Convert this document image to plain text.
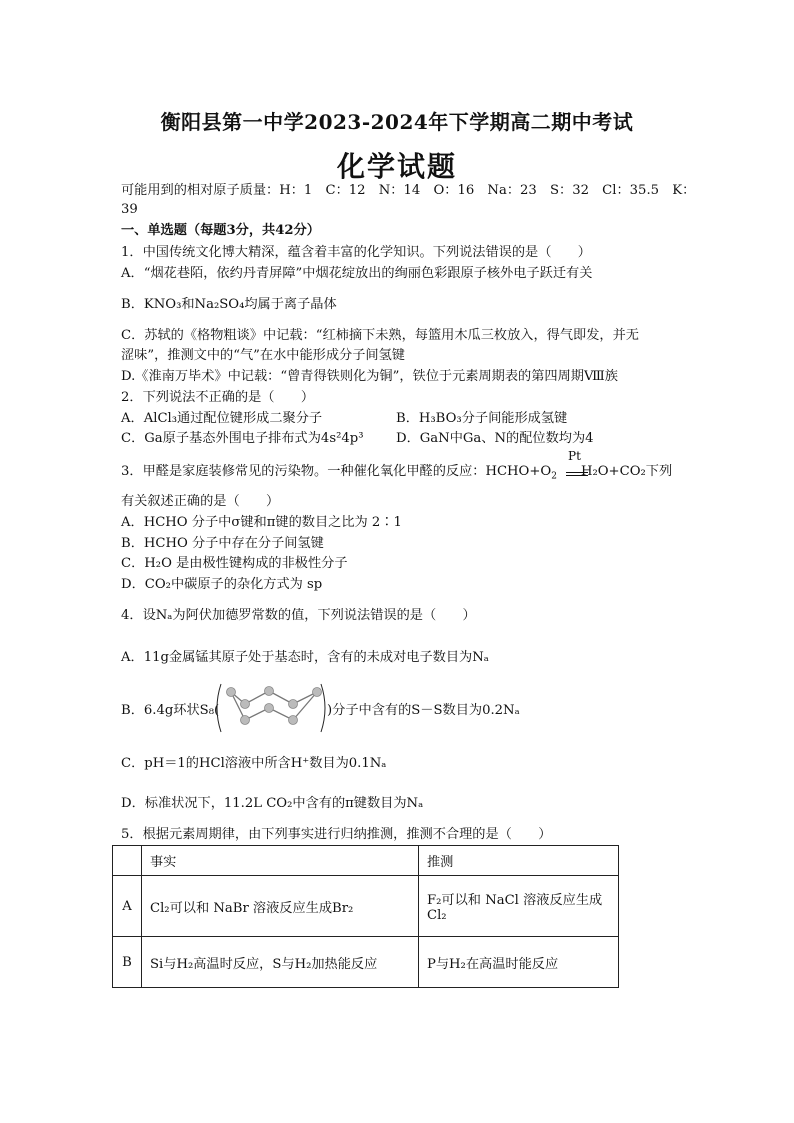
衡阳县第一中学2023-2024年下学期高二期中考试
化学试题
可能用到的相对原子质量：H：1　C：12　N：14　O：16　Na：23　S：32　Cl：35.5　K：
39
一、单选题（每题3分，共42分）
1．中国传统文化博大精深，蕴含着丰富的化学知识。下列说法错误的是（　　）
A．“烟花巷陌，依约丹青屏障”中烟花绽放出的绚丽色彩跟原子核外电子跃迁有关
B．KNO₃和Na₂SO₄均属于离子晶体
C．苏轼的《格物粗谈》中记载：“红柿摘下未熟，每篮用木瓜三枚放入，得气即发，并无
涩味”，推测文中的“气”在水中能形成分子间氢键
D.《淮南万毕术》中记载：“曾青得铁则化为铜”，铁位于元素周期表的第四周期Ⅷ族
2．下列说法不正确的是（　　）
A．AlCl₃通过配位键形成二聚分子	B．H₃BO₃分子间能形成氢键
C．Ga原子基态外围电子排布式为4s²4p³ D．GaN中Ga、N的配位数均为4
3．甲醛是家庭装修常见的污染物。一种催化氧化甲醛的反应：$HCHO+O_2$ H₂O+CO₂下列
Pt
有关叙述正确的是（　　）
A．HCHO 分子中σ键和π键的数目之比为 2∶1
B．HCHO 分子中存在分子间氢键
C．H₂O 是由极性键构成的非极性分子
D．CO₂中碳原子的杂化方式为 sp
4．设Nₐ为阿伏加德罗常数的值，下列说法错误的是（　　）
A．11g金属锰其原子处于基态时，含有的未成对电子数目为Nₐ
B．6.4g环状S₈(	)分子中含有的S－S数目为0.2Nₐ
C．pH＝1的HCl溶液中所含H⁺数目为0.1Nₐ
D．标准状况下，11.2L CO₂中含有的π键数目为Nₐ
5．根据元素周期律，由下列事实进行归纳推测，推测不合理的是（　　）
	事实	推测
A	Cl₂可以和 NaBr 溶液反应生成Br₂	F₂可以和 NaCl 溶液反应生成Cl₂
B	Si与H₂高温时反应，S与H₂加热能反应	P与H₂在高温时能反应
